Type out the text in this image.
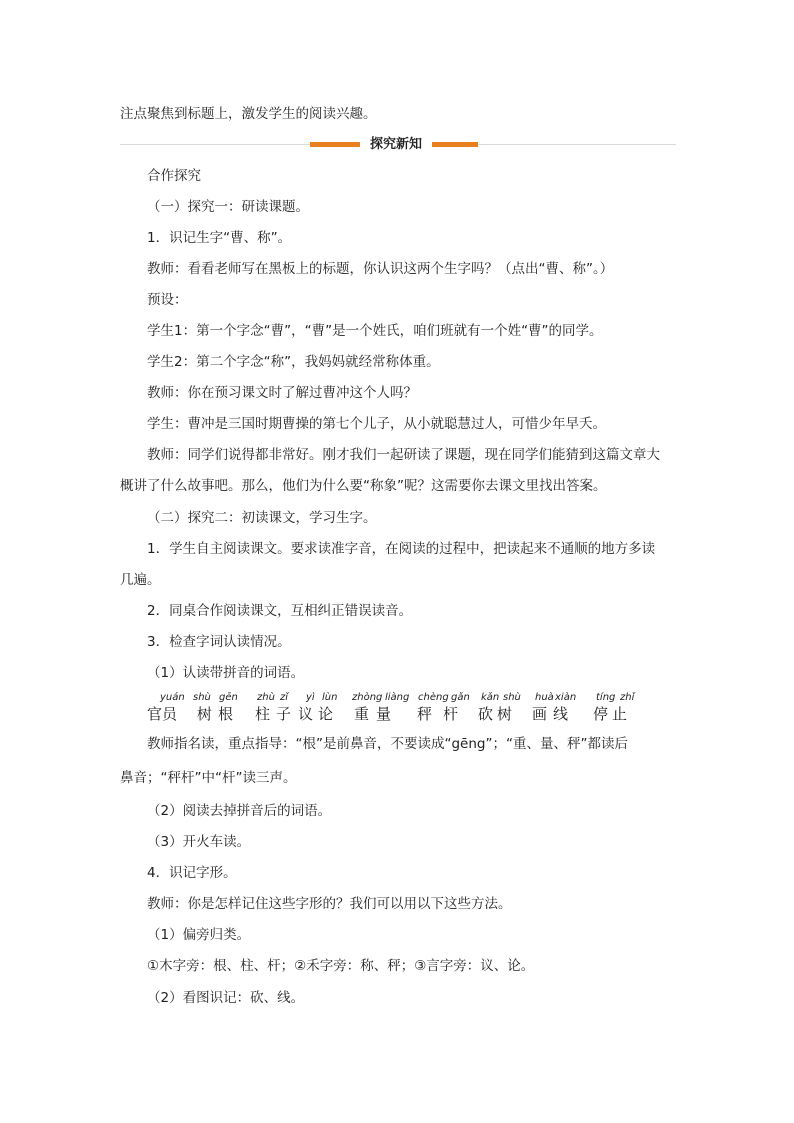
注点聚焦到标题上，激发学生的阅读兴趣。
探究新知
合作探究
（一）探究一：研读课题。
1．识记生字“曹、称”。
教师：看看老师写在黑板上的标题，你认识这两个生字吗？（点出“曹、称”。）
预设：
学生1：第一个字念“曹”，“曹”是一个姓氏，咱们班就有一个姓“曹”的同学。
学生2：第二个字念“称”，我妈妈就经常称体重。
教师：你在预习课文时了解过曹冲这个人吗？
学生：曹冲是三国时期曹操的第七个儿子，从小就聪慧过人，可惜少年早夭。
教师：同学们说得都非常好。刚才我们一起研读了课题，现在同学们能猜到这篇文章大
概讲了什么故事吧。那么，他们为什么要“称象”呢？这需要你去课文里找出答案。
（二）探究二：初读课文，学习生字。
1．学生自主阅读课文。要求读准字音，在阅读的过程中，把读起来不通顺的地方多读
几遍。
2．同桌合作阅读课文，互相纠正错误读音。
3．检查字词认读情况。
（1）认读带拼音的词语。
yuán shù gēn zhù zǐ yì lùn zhòng liàng chèng gǎn kǎn shù huà xiàn tíng zhǐ
官 员 树 根 柱 子 议 论 重 量 秤 杆 砍 树 画 线 停 止
教师指名读，重点指导：“根”是前鼻音，不要读成“gēng”；“重、量、秤”都读后
鼻音；“秤杆”中“杆”读三声。
（2）阅读去掉拼音后的词语。
（3）开火车读。
4．识记字形。
教师：你是怎样记住这些字形的？我们可以用以下这些方法。
（1）偏旁归类。
①木字旁：根、柱、杆；②禾字旁：称、秤；③言字旁：议、论。
（2）看图识记：砍、线。
